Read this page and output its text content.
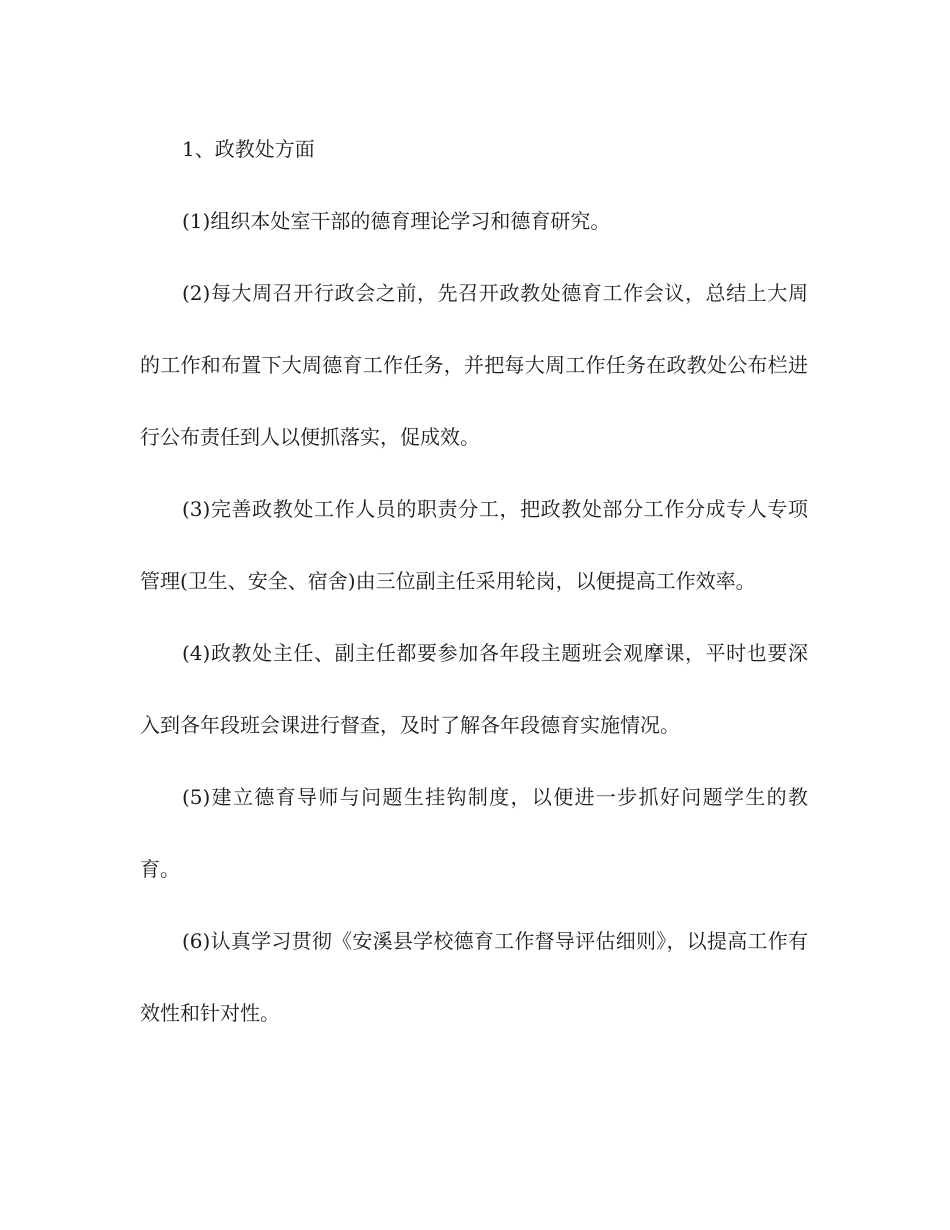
1、政教处方面

(1)组织本处室干部的德育理论学习和德育研究。

(2)每大周召开行政会之前，先召开政教处德育工作会议，总结上大周的工作和布置下大周德育工作任务，并把每大周工作任务在政教处公布栏进行公布责任到人以便抓落实，促成效。

(3)完善政教处工作人员的职责分工，把政教处部分工作分成专人专项管理(卫生、安全、宿舍)由三位副主任采用轮岗，以便提高工作效率。

(4)政教处主任、副主任都要参加各年段主题班会观摩课，平时也要深入到各年段班会课进行督查，及时了解各年段德育实施情况。

(5)建立德育导师与问题生挂钩制度，以便进一步抓好问题学生的教育。

(6)认真学习贯彻《安溪县学校德育工作督导评估细则》，以提高工作有效性和针对性。
